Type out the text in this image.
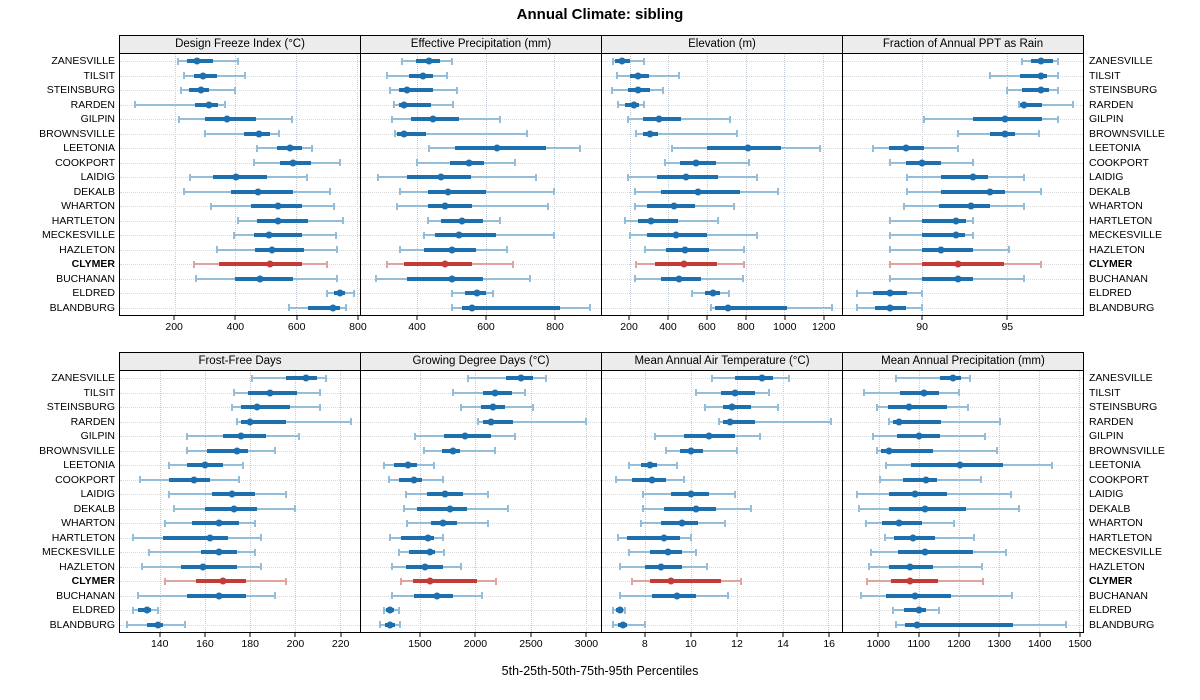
Annual Climate: sibling
ZANESVILLE
TILSIT
STEINSBURG
RARDEN
GILPIN
BROWNSVILLE
LEETONIA
COOKPORT
LAIDIG
DEKALB
WHARTON
HARTLETON
MECKESVILLE
HAZLETON
CLYMER
BUCHANAN
ELDRED
BLANDBURG
Design Freeze Index (°C)
200	400	600	800
Effective Precipitation (mm)
400	600	800
Elevation (m)
200 400 600 800 1000 1200
Fraction of Annual PPT as Rain
90	95
ZANESVILLE
TILSIT
STEINSBURG
RARDEN
GILPIN
BROWNSVILLE
LEETONIA
COOKPORT
LAIDIG
DEKALB
WHARTON
HARTLETON
MECKESVILLE
HAZLETON
CLYMER
BUCHANAN
ELDRED
BLANDBURG
ZANESVILLE
TILSIT
STEINSBURG
RARDEN
GILPIN
BROWNSVILLE
LEETONIA
COOKPORT
LAIDIG
DEKALB
WHARTON
HARTLETON
MECKESVILLE
HAZLETON
CLYMER
BUCHANAN
ELDRED
BLANDBURG
Frost-Free Days
140	160	180	200	220
Growing Degree Days (°C)
1500	2000	2500	3000
Mean Annual Air Temperature (°C)
8	10	12	14	16
Mean Annual Precipitation (mm)
1000 1100 1200 1300 1400 1500
ZANESVILLE
TILSIT
STEINSBURG
RARDEN
GILPIN
BROWNSVILLE
LEETONIA
COOKPORT
LAIDIG
DEKALB
WHARTON
HARTLETON
MECKESVILLE
HAZLETON
CLYMER
BUCHANAN
ELDRED
BLANDBURG
5th-25th-50th-75th-95th Percentiles
